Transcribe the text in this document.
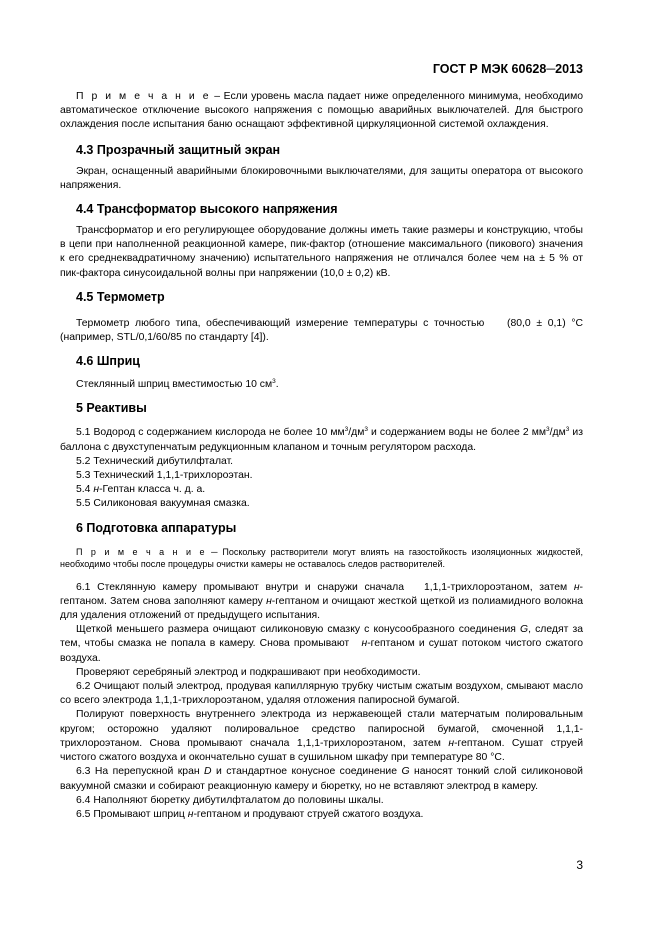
ГОСТ Р МЭК 60628─2013

П р и м е ч а н и е – Если уровень масла падает ниже определенного минимума, необходимо автоматическое отключение высокого напряжения с помощью аварийных выключателей. Для быстрого охлаждения после испытания баню оснащают эффективной циркуляционной системой охлаждения.

4.3 Прозрачный защитный экран

Экран, оснащенный аварийными блокировочными выключателями, для защиты оператора от высокого напряжения.

4.4 Трансформатор высокого напряжения

Трансформатор и его регулирующее оборудование должны иметь такие размеры и конструкцию, чтобы в цепи при наполненной реакционной камере, пик-фактор (отношение максимального (пикового) значения к его среднеквадратичному значению) испытательного напряжения не отличался более чем на ± 5 % от пик-фактора синусоидальной волны при напряжении (10,0 ± 0,2) кВ.

4.5 Термометр

Термометр любого типа, обеспечивающий измерение температуры с точностью    (80,0 ± 0,1) °С (например, STL/0,1/60/85 по стандарту [4]).

4.6 Шприц

Стеклянный шприц вместимостью 10 $см^3$.

5 Реактивы

5.1 Водород с содержанием кислорода не более 10 $мм^3/дм^3$ и содержанием воды не более 2 $мм^3/дм^3$ из баллона с двухступенчатым редукционным клапаном и точным регулятором расхода.

5.2 Технический дибутилфталат.

5.3 Технический 1,1,1-трихлороэтан.

5.4 н-Гептан класса ч. д. а.

5.5 Силиконовая вакуумная смазка.

6 Подготовка аппаратуры

П р и м е ч а н и е ─ Поскольку растворители могут влиять на газостойкость изоляционных жидкостей, необходимо чтобы после процедуры очистки камеры не оставалось следов растворителей.

6.1 Стеклянную камеру промывают внутри и снаружи сначала   1,1,1-трихлороэтаном, затем н-гептаном. Затем снова заполняют камеру н-гептаном и очищают жесткой щеткой из полиамидного волокна для удаления отложений от предыдущего испытания.

Щеткой меньшего размера очищают силиконовую смазку с конусообразного соединения G, следят за тем, чтобы смазка не попала в камеру. Снова промывают   н-гептаном и сушат потоком чистого сжатого воздуха.

Проверяют серебряный электрод и подкрашивают при необходимости.

6.2 Очищают полый электрод, продувая капиллярную трубку чистым сжатым воздухом, смывают масло со всего электрода 1,1,1-трихлороэтаном, удаляя отложения папиросной бумагой.

Полируют поверхность внутреннего электрода из нержавеющей стали матерчатым полировальным кругом; осторожно удаляют полировальное средство папиросной бумагой, смоченной 1,1,1-трихлороэтаном. Снова промывают сначала 1,1,1-трихлороэтаном, затем н-гептаном. Сушат струей чистого сжатого воздуха и окончательно сушат в сушильном шкафу при температуре 80 °С.

6.3 На перепускной кран D и стандартное конусное соединение G наносят тонкий слой силиконовой вакуумной смазки и собирают реакционную камеру и бюретку, но не вставляют электрод в камеру.

6.4 Наполняют бюретку дибутилфталатом до половины шкалы.

6.5 Промывают шприц н-гептаном и продувают струей сжатого воздуха.

3
